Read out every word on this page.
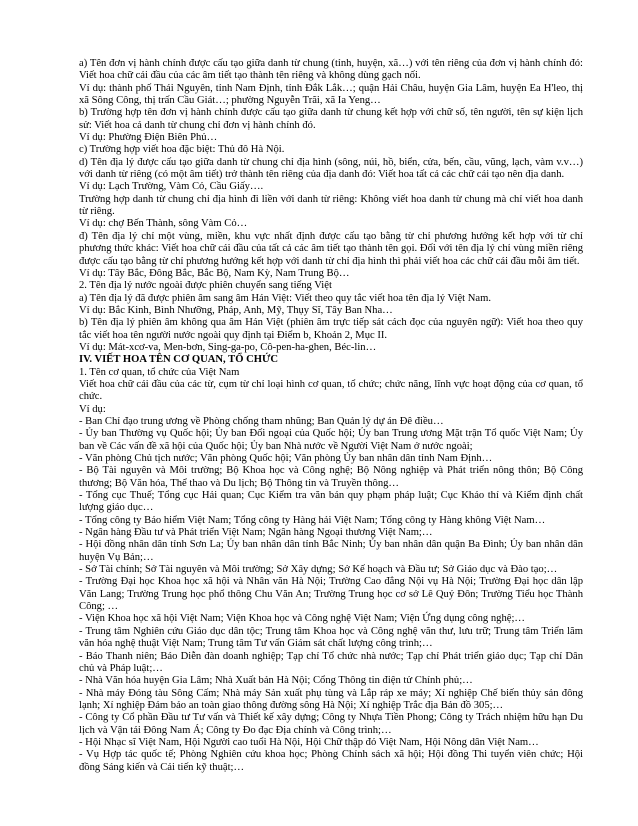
a) Tên đơn vị hành chính được cấu tạo giữa danh từ chung (tỉnh, huyện, xã…) với tên riêng của đơn vị hành chính đó: Viết hoa chữ cái đầu của các âm tiết tạo thành tên riêng và không dùng gạch nối.

Ví dụ: thành phố Thái Nguyên, tỉnh Nam Định, tỉnh Đắk Lắk…; quận Hải Châu, huyện Gia Lâm, huyện Ea H'leo, thị xã Sông Công, thị trấn Cầu Giát…; phường Nguyễn Trãi, xã Ia Yeng…

b) Trường hợp tên đơn vị hành chính được cấu tạo giữa danh từ chung kết hợp với chữ số, tên người, tên sự kiện lịch sử: Viết hoa cả danh từ chung chỉ đơn vị hành chính đó.

Ví dụ: Phường Điện Biên Phủ…

c) Trường hợp viết hoa đặc biệt: Thủ đô Hà Nội.

d) Tên địa lý được cấu tạo giữa danh từ chung chỉ địa hình (sông, núi, hồ, biển, cửa, bến, cầu, vũng, lạch, vàm v.v…) với danh từ riêng (có một âm tiết) trở thành tên riêng của địa danh đó: Viết hoa tất cả các chữ cái tạo nên địa danh.

Ví dụ: Lạch Trường, Vàm Cỏ, Cầu Giấy….

Trường hợp danh từ chung chỉ địa hình đi liền với danh từ riêng: Không viết hoa danh từ chung mà chỉ viết hoa danh từ riêng.

Ví dụ: chợ Bến Thành, sông Vàm Cỏ…

đ) Tên địa lý chỉ một vùng, miền, khu vực nhất định được cấu tạo bằng từ chỉ phương hướng kết hợp với từ chỉ phương thức khác: Viết hoa chữ cái đầu của tất cả các âm tiết tạo thành tên gọi. Đối với tên địa lý chỉ vùng miền riêng được cấu tạo bằng từ chỉ phương hướng kết hợp với danh từ chỉ địa hình thì phải viết hoa các chữ cái đầu mỗi âm tiết.

Ví dụ: Tây Bắc, Đông Bắc, Bắc Bộ, Nam Kỳ, Nam Trung Bộ…

2. Tên địa lý nước ngoài được phiên chuyển sang tiếng Việt

a) Tên địa lý đã được phiên âm sang âm Hán Việt: Viết theo quy tắc viết hoa tên địa lý Việt Nam.

Ví dụ: Bắc Kinh, Bình Nhưỡng, Pháp, Anh, Mỹ, Thụy Sĩ, Tây Ban Nha…

b) Tên địa lý phiên âm không qua âm Hán Việt (phiên âm trực tiếp sát cách đọc của nguyên ngữ): Viết hoa theo quy tắc viết hoa tên người nước ngoài quy định tại Điểm b, Khoản 2, Mục II.

Ví dụ: Mát-xcơ-va, Men-bơn, Sing-ga-po, Cô-pen-ha-ghen, Béc-lin…

IV. VIẾT HOA TÊN CƠ QUAN, TỔ CHỨC

1. Tên cơ quan, tổ chức của Việt Nam

Viết hoa chữ cái đầu của các từ, cụm từ chỉ loại hình cơ quan, tổ chức; chức năng, lĩnh vực hoạt động của cơ quan, tổ chức.

Ví dụ:

- Ban Chỉ đạo trung ương về Phòng chống tham nhũng; Ban Quản lý dự án Đê điều…

- Ủy ban Thường vụ Quốc hội; Ủy ban Đối ngoại của Quốc hội; Ủy ban Trung ương Mặt trận Tổ quốc Việt Nam; Ủy ban về Các vấn đề xã hội của Quốc hội; Ủy ban Nhà nước về Người Việt Nam ở nước ngoài;

- Văn phòng Chủ tịch nước; Văn phòng Quốc hội; Văn phòng Ủy ban nhân dân tỉnh Nam Định…

- Bộ Tài nguyên và Môi trường; Bộ Khoa học và Công nghệ; Bộ Nông nghiệp và Phát triển nông thôn; Bộ Công thương; Bộ Văn hóa, Thể thao và Du lịch; Bộ Thông tin và Truyền thông…

- Tổng cục Thuế; Tổng cục Hải quan; Cục Kiểm tra văn bản quy phạm pháp luật; Cục Khảo thí và Kiểm định chất lượng giáo dục…

- Tổng công ty Bảo hiểm Việt Nam; Tổng công ty Hàng hải Việt Nam; Tổng công ty Hàng không Việt Nam…

- Ngân hàng Đầu tư và Phát triển Việt Nam; Ngân hàng Ngoại thương Việt Nam;…

- Hội đồng nhân dân tỉnh Sơn La; Ủy ban nhân dân tỉnh Bắc Ninh; Ủy ban nhân dân quận Ba Đình; Ủy ban nhân dân huyện Vụ Bản;…

- Sở Tài chính; Sở Tài nguyên và Môi trường; Sở Xây dựng; Sở Kế hoạch và Đầu tư; Sở Giáo dục và Đào tạo;…

- Trường Đại học Khoa học xã hội và Nhân văn Hà Nội; Trường Cao đẳng Nội vụ Hà Nội; Trường Đại học dân lập Văn Lang; Trường Trung học phổ thông Chu Văn An; Trường Trung học cơ sở Lê Quý Đôn; Trường Tiểu học Thành Công; …

- Viện Khoa học xã hội Việt Nam; Viện Khoa học và Công nghệ Việt Nam; Viện Ứng dụng công nghệ;…

- Trung tâm Nghiên cứu Giáo dục dân tộc; Trung tâm Khoa học và Công nghệ văn thư, lưu trữ; Trung tâm Triển lãm văn hóa nghệ thuật Việt Nam; Trung tâm Tư vấn Giám sát chất lượng công trình;…

- Báo Thanh niên; Báo Diễn đàn doanh nghiệp; Tạp chí Tổ chức nhà nước; Tạp chí Phát triển giáo dục; Tạp chí Dân chủ và Pháp luật;…

- Nhà Văn hóa huyện Gia Lâm; Nhà Xuất bản Hà Nội; Cổng Thông tin điện tử Chính phủ;…

- Nhà máy Đóng tàu Sông Cấm; Nhà máy Sản xuất phụ tùng và Lắp ráp xe máy; Xí nghiệp Chế biến thủy sản đông lạnh; Xí nghiệp Đảm bảo an toàn giao thông đường sông Hà Nội; Xí nghiệp Trắc địa Bản đồ 305;…

- Công ty Cổ phần Đầu tư Tư vấn và Thiết kế xây dựng; Công ty Nhựa Tiền Phong; Công ty Trách nhiệm hữu hạn Du lịch và Vận tải Đông Nam Á; Công ty Đo đạc Địa chính và Công trình;…

- Hội Nhạc sĩ Việt Nam, Hội Người cao tuổi Hà Nội, Hội Chữ thập đỏ Việt Nam, Hội Nông dân Việt Nam…

- Vụ Hợp tác quốc tế; Phòng Nghiên cứu khoa học; Phòng Chính sách xã hội; Hội đồng Thi tuyển viên chức; Hội đồng Sáng kiến và Cải tiến kỹ thuật;…
